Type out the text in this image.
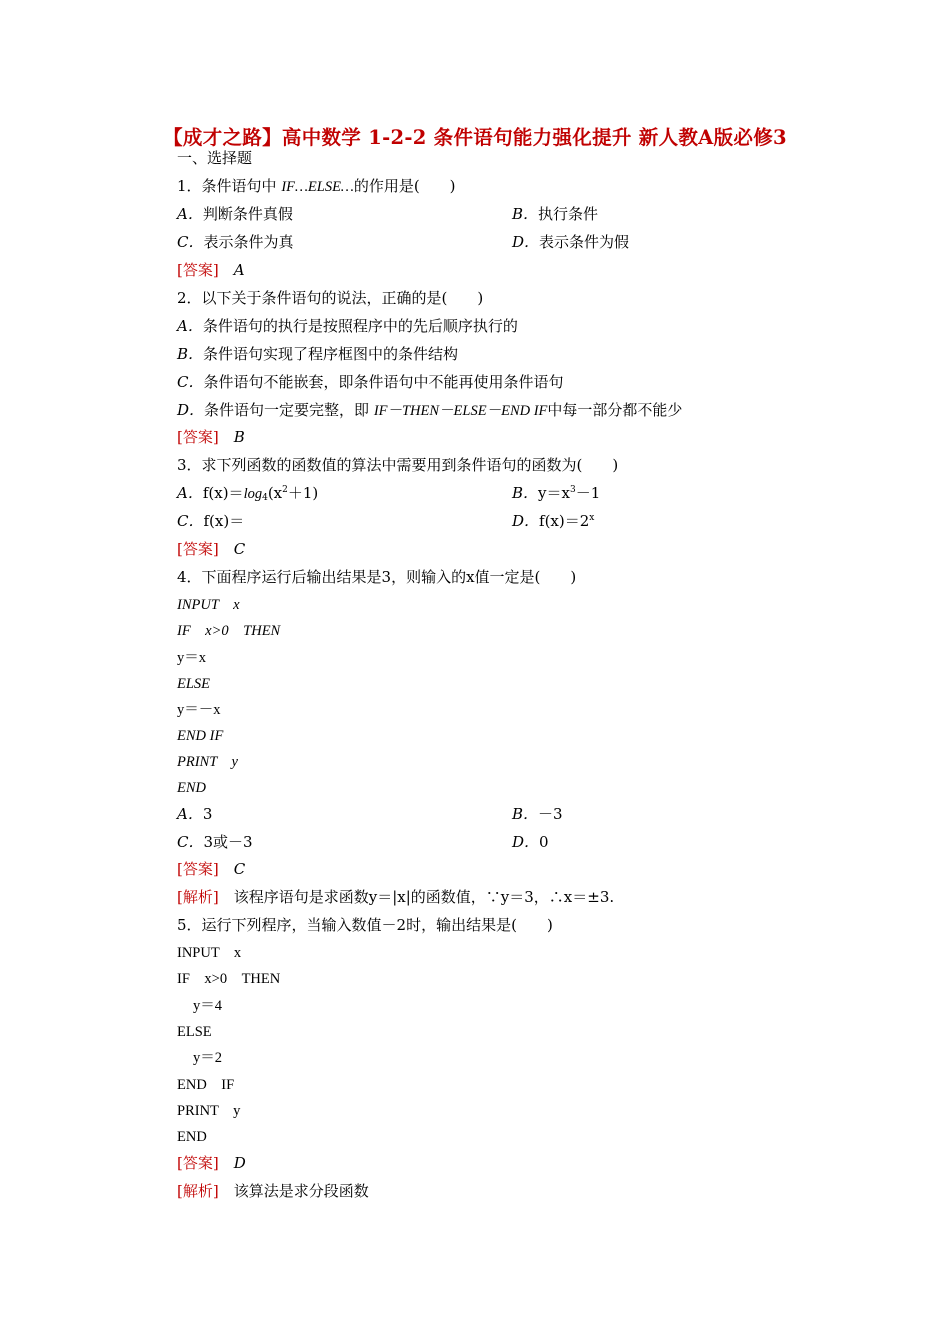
【成才之路】高中数学 1-2-2 条件语句能力强化提升 新人教A版必修3
一、选择题
1．条件语句中 IF…ELSE…的作用是(　　)
A．判断条件真假	B．执行条件
C．表示条件为真	D．表示条件为假
[答案]　 A
2．以下关于条件语句的说法，正确的是(　　)
A．条件语句的执行是按照程序中的先后顺序执行的
B．条件语句实现了程序框图中的条件结构
C．条件语句不能嵌套，即条件语句中不能再使用条件语句
D．条件语句一定要完整，即 IF－THEN－ELSE－END IF中每一部分都不能少
[答案]　 B
3．求下列函数的函数值的算法中需要用到条件语句的函数为(　　)
A．$f(x)=\log_4(x^2+1)$	B．$y=x^3-1$
C．f(x)＝	D．$f(x)=2^x$
[答案]　 C
4．下面程序运行后输出结果是3，则输入的x值一定是(　　)
INPUT　x
IF　x>0　THEN
y＝x
ELSE
y＝－x
END IF
PRINT　y
END
A．3	B．－3
C．3或－3	D．0
[答案]　 C
[解析]　 该程序语句是求函数y＝|x|的函数值，∵y＝3，∴x＝±3.
5．运行下列程序，当输入数值－2时，输出结果是(　　)
INPUT　x
IF　x>0　THEN
y＝4
ELSE
y＝2
END　IF
PRINT　y
END
[答案]　 D
[解析]　 该算法是求分段函数
